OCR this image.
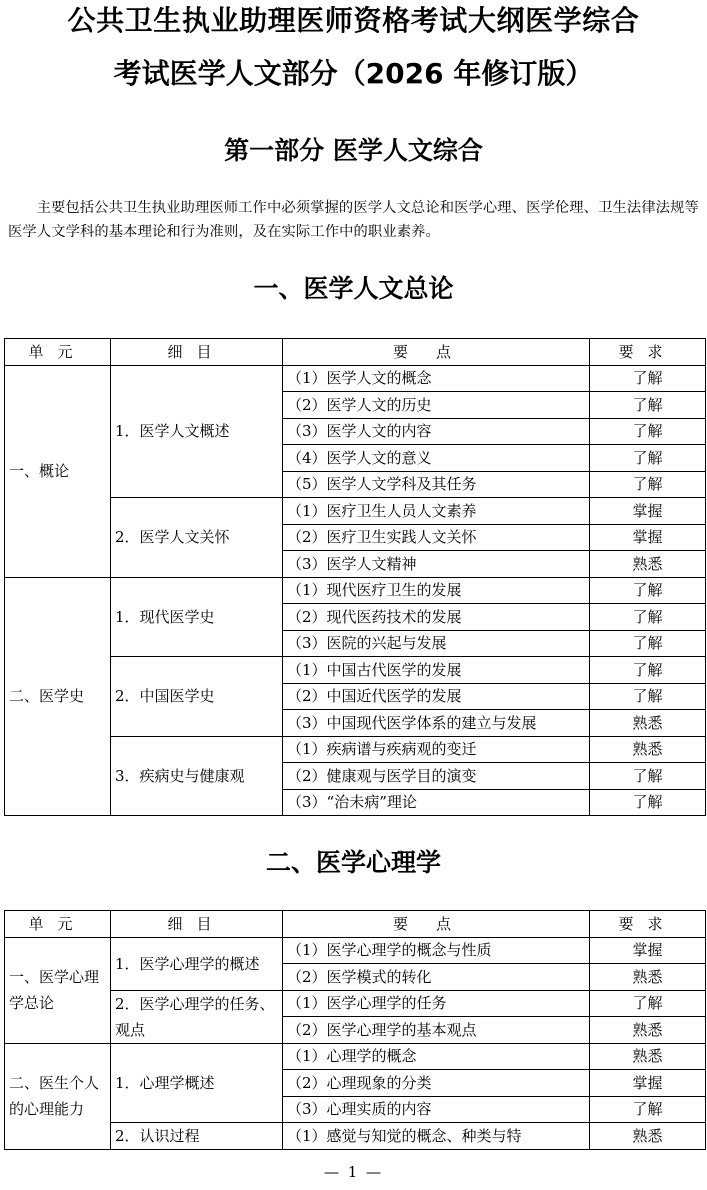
公共卫生执业助理医师资格考试大纲医学综合
考试医学人文部分（2026 年修订版）
第一部分 医学人文综合

主要包括公共卫生执业助理医师工作中必须掌握的医学人文总论和医学心理、医学伦理、卫生法律法规等医学人文学科的基本理论和行为准则，及在实际工作中的职业素养。

一、医学人文总论
单元	细目	要点	要求
一、概论	1．医学人文概述	（1）医学人文的概念	了解
		（2）医学人文的历史	了解
		（3）医学人文的内容	了解
		（4）医学人文的意义	了解
		（5）医学人文学科及其任务	了解
	2．医学人文关怀	（1）医疗卫生人员人文素养	掌握
		（2）医疗卫生实践人文关怀	掌握
		（3）医学人文精神	熟悉
二、医学史	1．现代医学史	（1）现代医疗卫生的发展	了解
		（2）现代医药技术的发展	了解
		（3）医院的兴起与发展	了解
	2．中国医学史	（1）中国古代医学的发展	了解
		（2）中国近代医学的发展	了解
		（3）中国现代医学体系的建立与发展	熟悉
	3．疾病史与健康观	（1）疾病谱与疾病观的变迁	熟悉
		（2）健康观与医学目的演变	了解
		（3）“治未病”理论	了解
二、医学心理学
单元	细目	要点	要求
一、医学心理学总论	1．医学心理学的概述	（1）医学心理学的概念与性质	掌握
		（2）医学模式的转化	熟悉
	2．医学心理学的任务、观点	（1）医学心理学的任务	了解
		（2）医学心理学的基本观点	熟悉
二、医生个人的心理能力	1．心理学概述	（1）心理学的概念	熟悉
		（2）心理现象的分类	掌握
		（3）心理实质的内容	了解
	2．认识过程	（1）感觉与知觉的概念、种类与特	熟悉
— 1 —
